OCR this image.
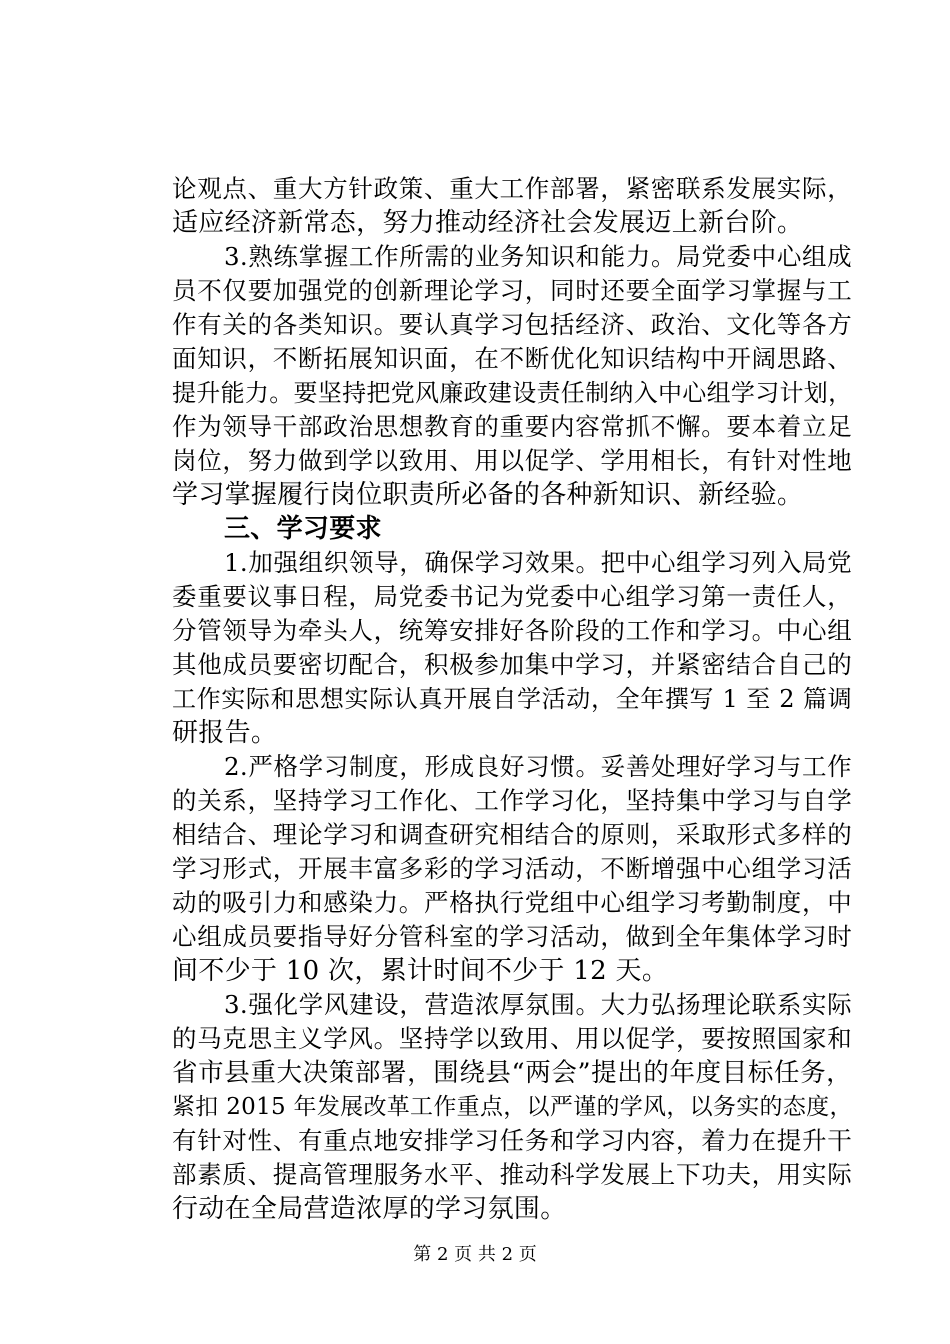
论观点、重大方针政策、重大工作部署，紧密联系发展实际，
适应经济新常态，努力推动经济社会发展迈上新台阶。
3.熟练掌握工作所需的业务知识和能力。局党委中心组成
员不仅要加强党的创新理论学习，同时还要全面学习掌握与工
作有关的各类知识。要认真学习包括经济、政治、文化等各方
面知识，不断拓展知识面，在不断优化知识结构中开阔思路、
提升能力。要坚持把党风廉政建设责任制纳入中心组学习计划，
作为领导干部政治思想教育的重要内容常抓不懈。要本着立足
岗位，努力做到学以致用、用以促学、学用相长，有针对性地
学习掌握履行岗位职责所必备的各种新知识、新经验。
三、学习要求
1.加强组织领导，确保学习效果。把中心组学习列入局党
委重要议事日程，局党委书记为党委中心组学习第一责任人，
分管领导为牵头人，统筹安排好各阶段的工作和学习。中心组
其他成员要密切配合，积极参加集中学习，并紧密结合自己的
工作实际和思想实际认真开展自学活动，全年撰写 1 至 2 篇调
研报告。
2.严格学习制度，形成良好习惯。妥善处理好学习与工作
的关系，坚持学习工作化、工作学习化，坚持集中学习与自学
相结合、理论学习和调查研究相结合的原则，采取形式多样的
学习形式，开展丰富多彩的学习活动，不断增强中心组学习活
动的吸引力和感染力。严格执行党组中心组学习考勤制度，中
心组成员要指导好分管科室的学习活动，做到全年集体学习时
间不少于 10 次，累计时间不少于 12 天。
3.强化学风建设，营造浓厚氛围。大力弘扬理论联系实际
的马克思主义学风。坚持学以致用、用以促学，要按照国家和
省市县重大决策部署，围绕县“两会”提出的年度目标任务，
紧扣 2015 年发展改革工作重点，以严谨的学风，以务实的态度，
有针对性、有重点地安排学习任务和学习内容，着力在提升干
部素质、提高管理服务水平、推动科学发展上下功夫，用实际
行动在全局营造浓厚的学习氛围。
第 2 页 共 2 页
